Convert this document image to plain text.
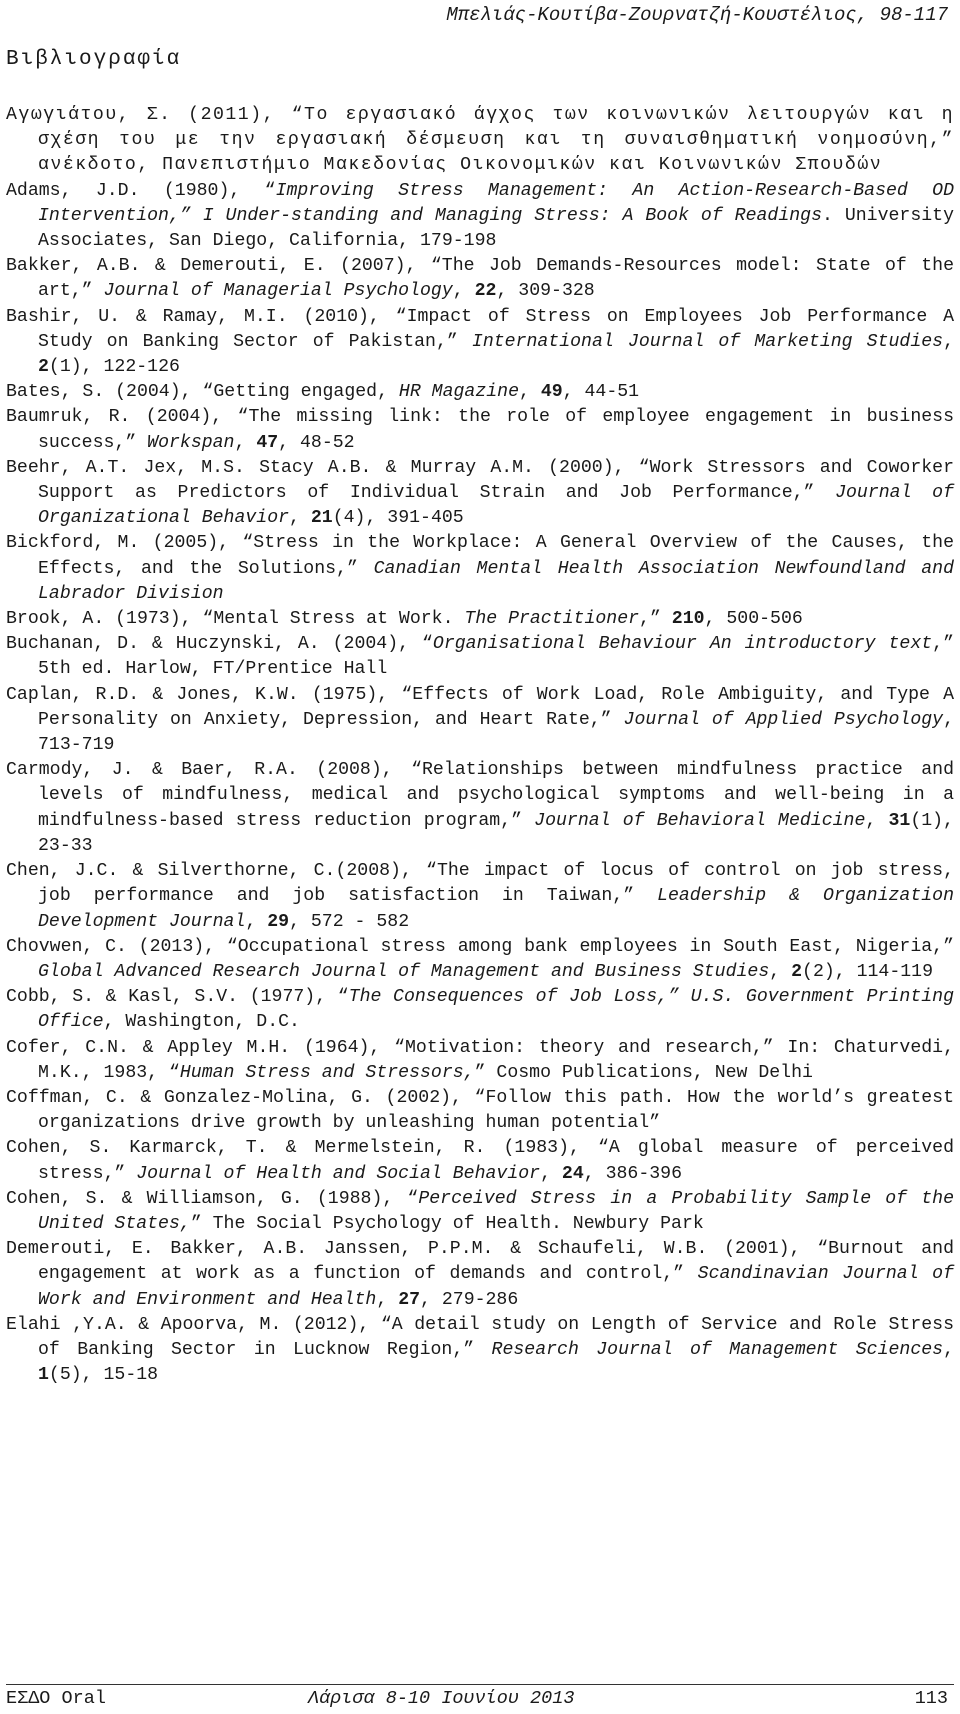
Μπελιάς-Κουτίβα-Ζουρνατζή-Κουστέλιος, 98-117
Βιβλιογραφία

Αγωγιάτου, Σ. (2011), “Το εργασιακό άγχος των κοινωνικών λειτουργών και η σχέση του με την εργασιακή δέσμευση και τη συναισθηματική νοημοσύνη,” ανέκδοτο, Πανεπιστήμιο Μακεδονίας Οικονομικών και Κοινωνικών Σπουδών

Adams, J.D. (1980), “Improving Stress Management: An Action-Research-Based OD Intervention,” I Under-standing and Managing Stress: A Book of Readings. University Associates, San Diego, California, 179-198

Bakker, A.B. & Demerouti, E. (2007), “The Job Demands-Resources model: State of the art,” Journal of Managerial Psychology, 22, 309-328

Bashir, U. & Ramay, M.I. (2010), “Impact of Stress on Employees Job Performance A Study on Banking Sector of Pakistan,” International Journal of Marketing Studies, 2(1), 122-126

Bates, S. (2004), “Getting engaged, HR Magazine, 49, 44-51

Baumruk, R. (2004), “The missing link: the role of employee engagement in business success,” Workspan, 47, 48-52

Beehr, A.T. Jex, M.S. Stacy A.B. & Murray A.M. (2000), “Work Stressors and Coworker Support as Predictors of Individual Strain and Job Performance,” Journal of Organizational Behavior, 21(4), 391-405

Bickford, M. (2005), “Stress in the Workplace: A General Overview of the Causes, the Effects, and the Solutions,” Canadian Mental Health Association Newfoundland and Labrador Division

Brook, A. (1973), “Mental Stress at Work. The Practitioner,” 210, 500-506

Buchanan, D. & Huczynski, A. (2004), “Organisational Behaviour An introductory text,” 5th ed. Harlow, FT/Prentice Hall

Caplan, R.D. & Jones, K.W. (1975), “Effects of Work Load, Role Ambiguity, and Type A Personality on Anxiety, Depression, and Heart Rate,” Journal of Applied Psychology, 713-719

Carmody, J. & Baer, R.A. (2008), “Relationships between mindfulness practice and levels of mindfulness, medical and psychological symptoms and well-being in a mindfulness-based stress reduction program,” Journal of Behavioral Medicine, 31(1), 23-33

Chen, J.C. & Silverthorne, C.(2008), “The impact of locus of control on job stress, job performance and job satisfaction in Taiwan,” Leadership & Organization Development Journal, 29, 572 - 582

Chovwen, C. (2013), “Occupational stress among bank employees in South East, Nigeria,” Global Advanced Research Journal of Management and Business Studies, 2(2), 114-119

Cobb, S. & Kasl, S.V. (1977), “The Consequences of Job Loss,” U.S. Government Printing Office, Washington, D.C.

Cofer, C.N. & Appley M.H. (1964), “Motivation: theory and research,” In: Chaturvedi, M.K., 1983, “Human Stress and Stressors,” Cosmo Publications, New Delhi

Coffman, C. & Gonzalez-Molina, G. (2002), “Follow this path. How the world’s greatest organizations drive growth by unleashing human potential”

Cohen, S. Karmarck, T. & Mermelstein, R. (1983), “A global measure of perceived stress,” Journal of Health and Social Behavior, 24, 386-396

Cohen, S. & Williamson, G. (1988), “Perceived Stress in a Probability Sample of the United States,” The Social Psychology of Health. Newbury Park

Demerouti, E. Bakker, A.B. Janssen, P.P.M. & Schaufeli, W.B. (2001), “Burnout and engagement at work as a function of demands and control,” Scandinavian Journal of Work and Environment and Health, 27, 279-286

Elahi ,Y.A. & Apoorva, M. (2012), “A detail study on Length of Service and Role Stress of Banking Sector in Lucknow Region,” Research Journal of Management Sciences, 1(5), 15-18

ΕΣΔΟ Oral	Λάρισα 8-10 Ιουνίου 2013	113
